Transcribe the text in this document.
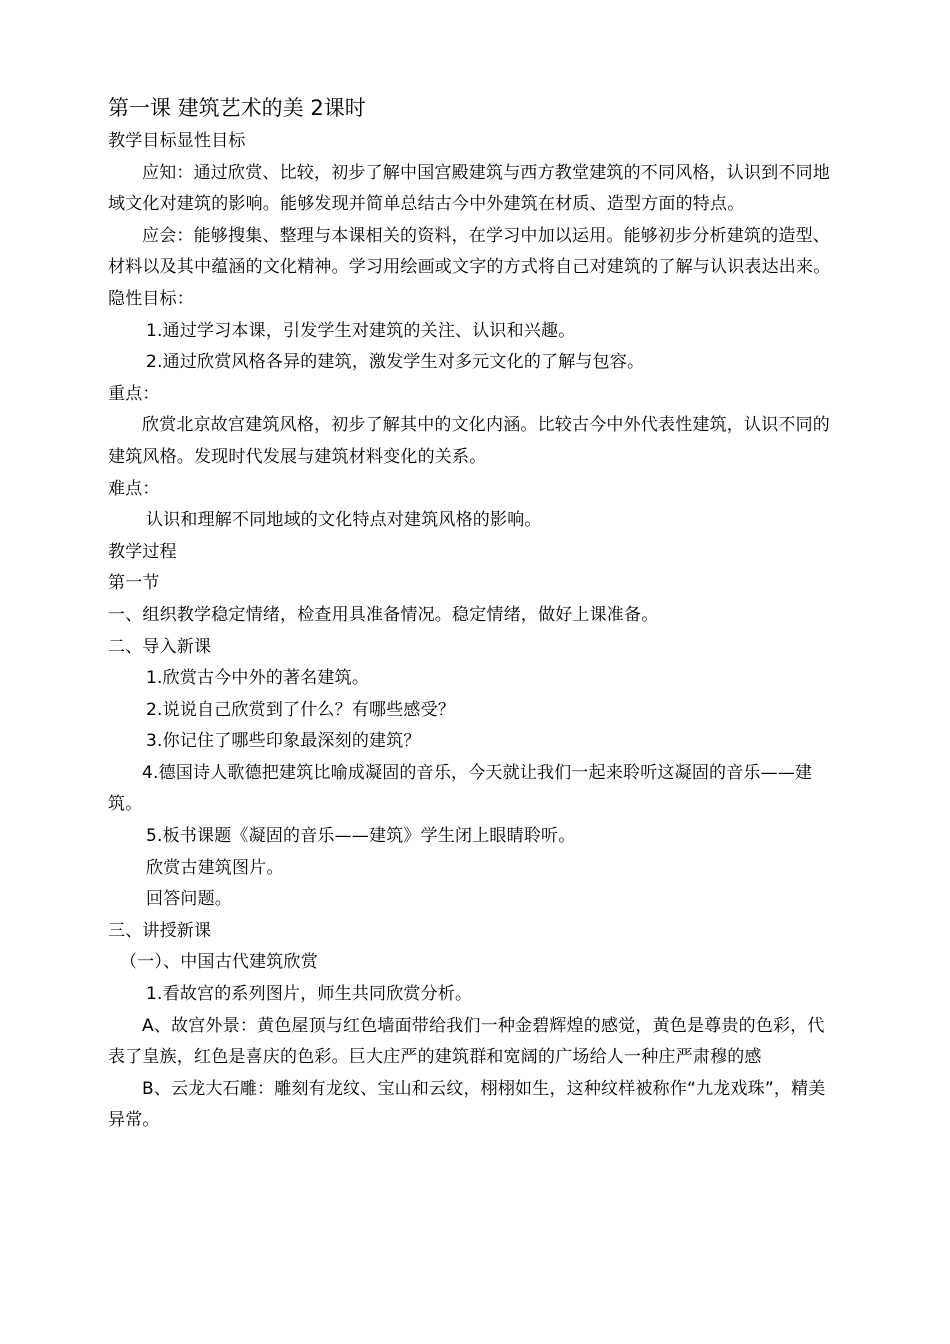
第一课 建筑艺术的美 2课时

教学目标显性目标

应知：通过欣赏、比较，初步了解中国宫殿建筑与西方教堂建筑的不同风格，认识到不同地域文化对建筑的影响。能够发现并简单总结古今中外建筑在材质、造型方面的特点。

应会：能够搜集、整理与本课相关的资料，在学习中加以运用。能够初步分析建筑的造型、材料以及其中蕴涵的文化精神。学习用绘画或文字的方式将自己对建筑的了解与认识表达出来。

隐性目标：

1.通过学习本课，引发学生对建筑的关注、认识和兴趣。

2.通过欣赏风格各异的建筑，激发学生对多元文化的了解与包容。

重点：

欣赏北京故宫建筑风格，初步了解其中的文化内涵。比较古今中外代表性建筑，认识不同的建筑风格。发现时代发展与建筑材料变化的关系。

难点：

认识和理解不同地域的文化特点对建筑风格的影响。

教学过程

第一节

一、组织教学稳定情绪，检查用具准备情况。稳定情绪，做好上课准备。

二、导入新课

1.欣赏古今中外的著名建筑。

2.说说自己欣赏到了什么？有哪些感受？

3.你记住了哪些印象最深刻的建筑？

4.德国诗人歌德把建筑比喻成凝固的音乐，今天就让我们一起来聆听这凝固的音乐——建筑。

5.板书课题《凝固的音乐——建筑》学生闭上眼睛聆听。

欣赏古建筑图片。

回答问题。

三、讲授新课

（一）、中国古代建筑欣赏

1.看故宫的系列图片，师生共同欣赏分析。

A、故宫外景：黄色屋顶与红色墙面带给我们一种金碧辉煌的感觉，黄色是尊贵的色彩，代表了皇族，红色是喜庆的色彩。巨大庄严的建筑群和宽阔的广场给人一种庄严肃穆的感

B、云龙大石雕：雕刻有龙纹、宝山和云纹，栩栩如生，这种纹样被称作“九龙戏珠”，精美异常。
